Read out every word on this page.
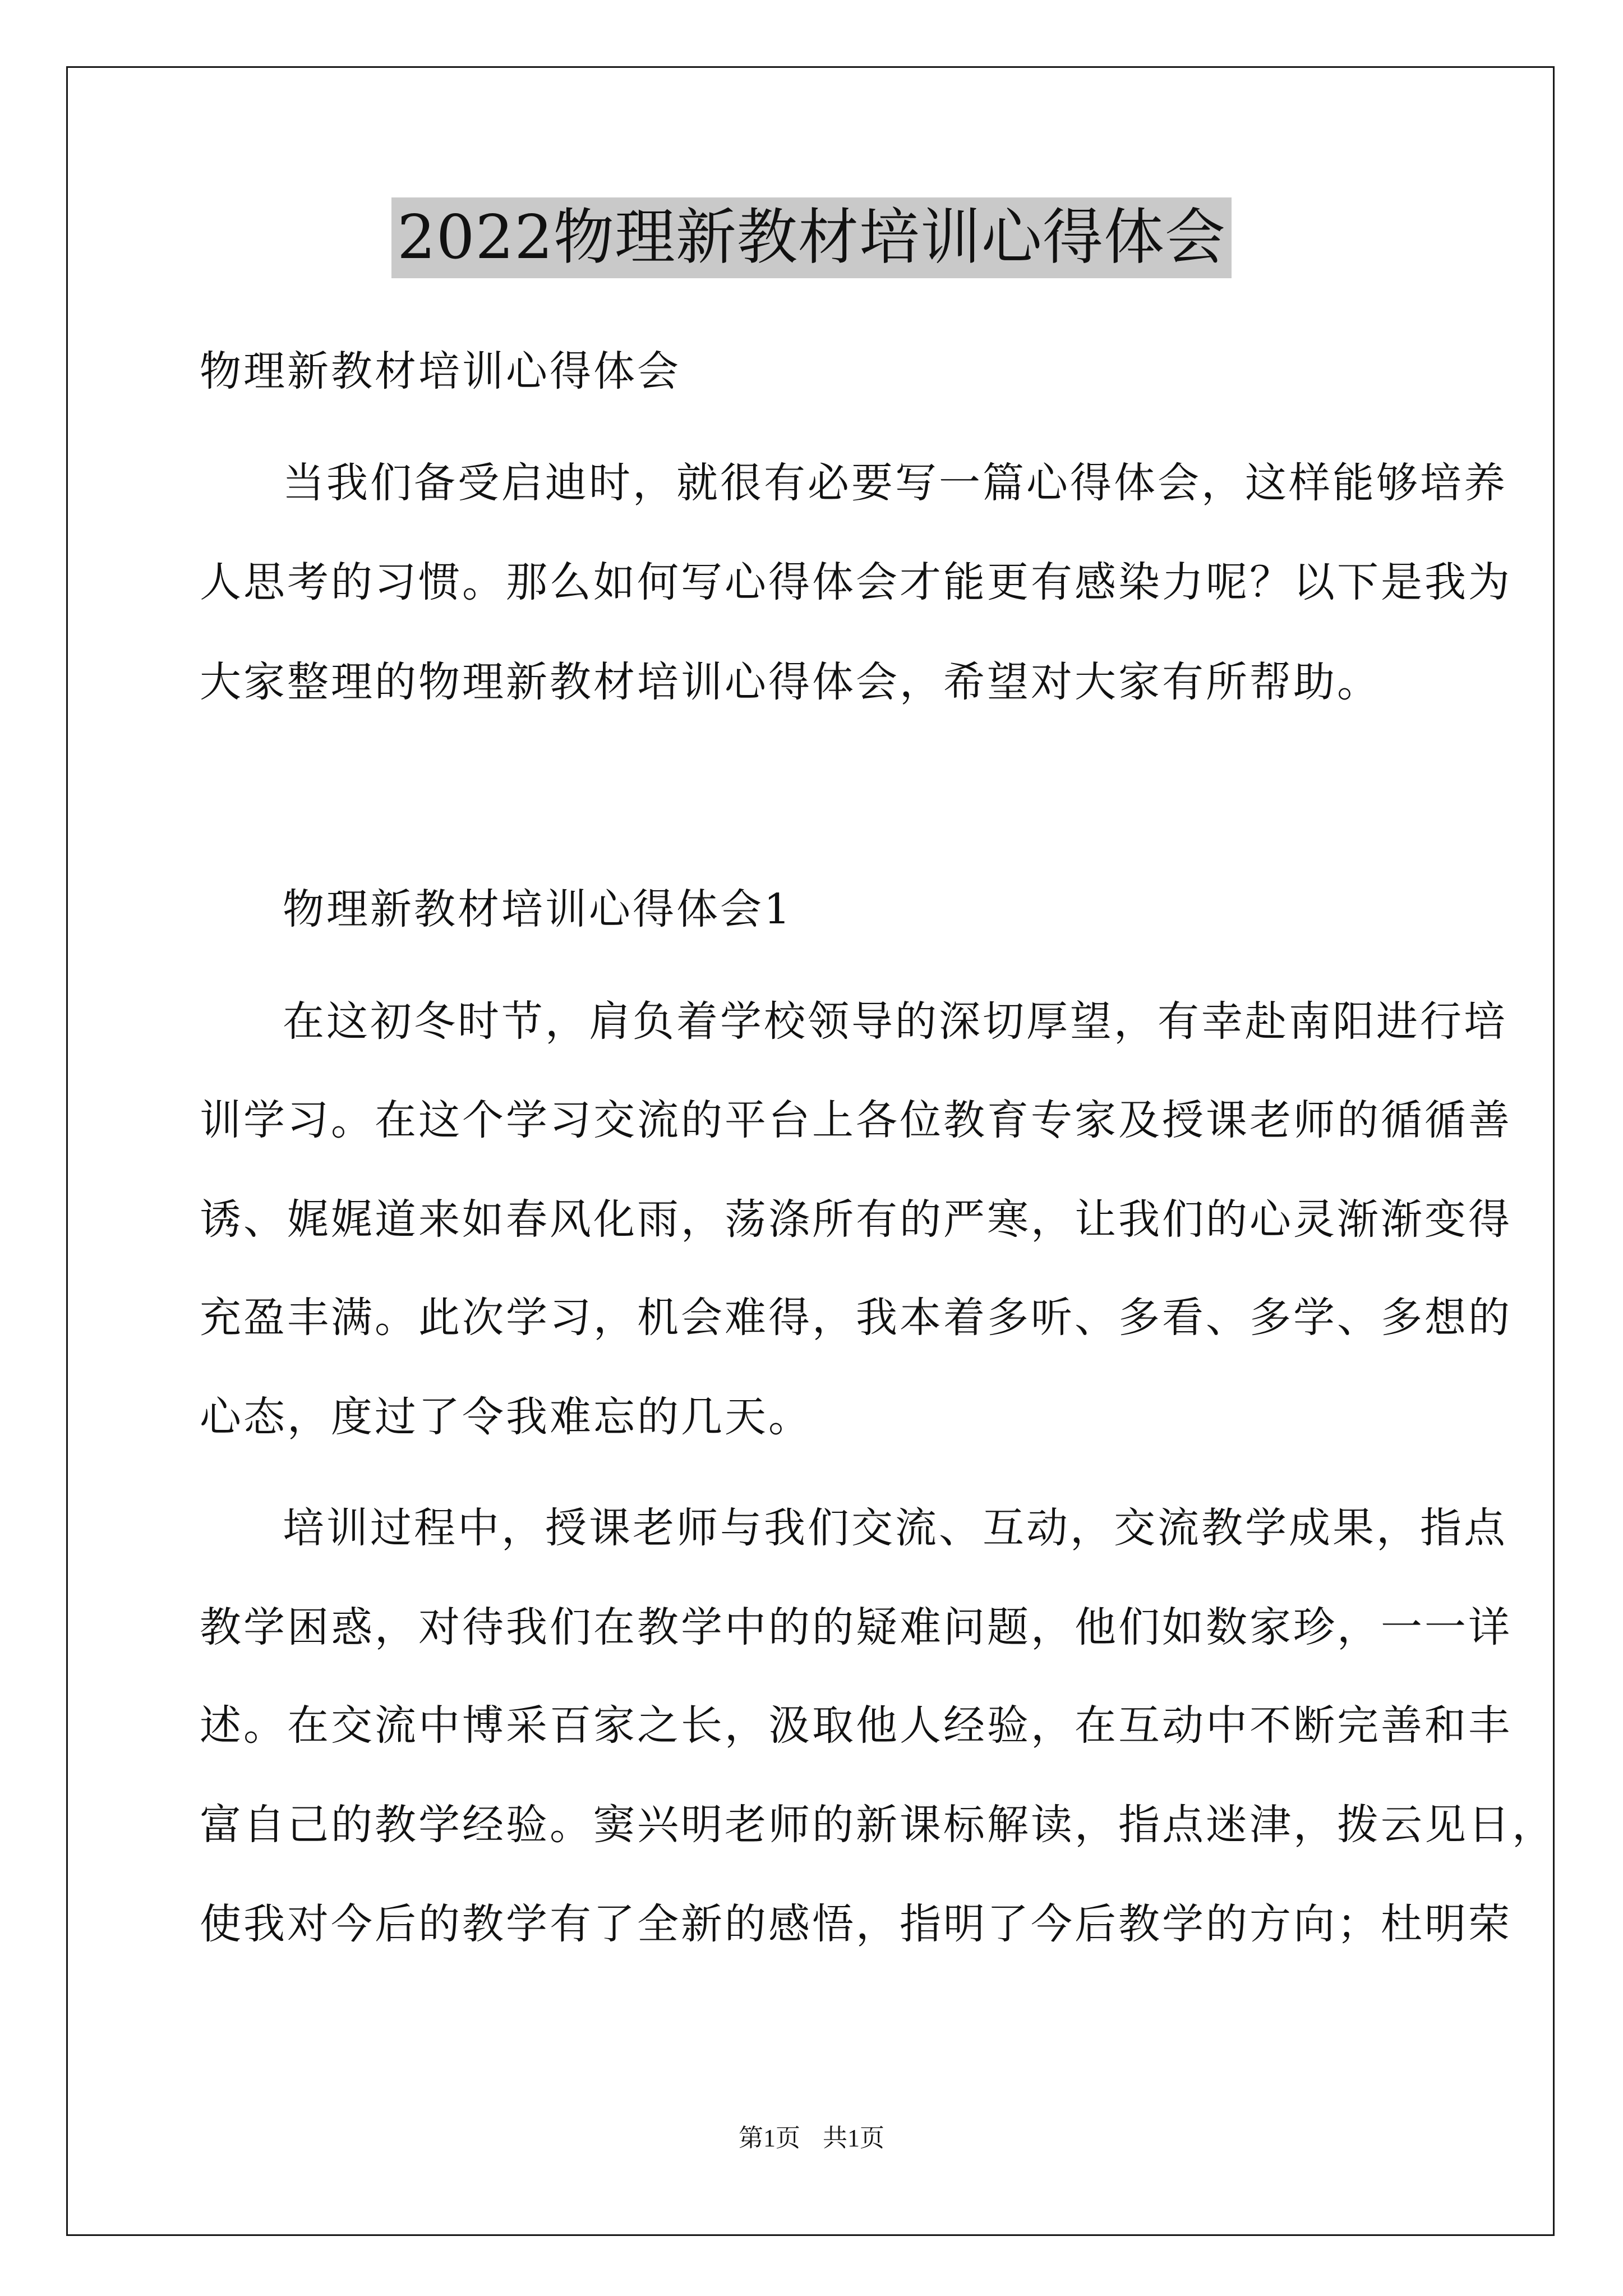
2022物理新教材培训心得体会
物理新教材培训心得体会
当我们备受启迪时，就很有必要写一篇心得体会，这样能够培养
人思考的习惯。那么如何写心得体会才能更有感染力呢？以下是我为
大家整理的物理新教材培训心得体会，希望对大家有所帮助。
物理新教材培训心得体会1
在这初冬时节，肩负着学校领导的深切厚望，有幸赴南阳进行培
训学习。在这个学习交流的平台上各位教育专家及授课老师的循循善
诱、娓娓道来如春风化雨，荡涤所有的严寒，让我们的心灵渐渐变得
充盈丰满。此次学习，机会难得，我本着多听、多看、多学、多想的
心态，度过了令我难忘的几天。
培训过程中，授课老师与我们交流、互动，交流教学成果，指点
教学困惑，对待我们在教学中的的疑难问题，他们如数家珍，一一详
述。在交流中博采百家之长，汲取他人经验，在互动中不断完善和丰
富自己的教学经验。窦兴明老师的新课标解读，指点迷津，拨云见日，
使我对今后的教学有了全新的感悟，指明了今后教学的方向；杜明荣
第1页 共1页
